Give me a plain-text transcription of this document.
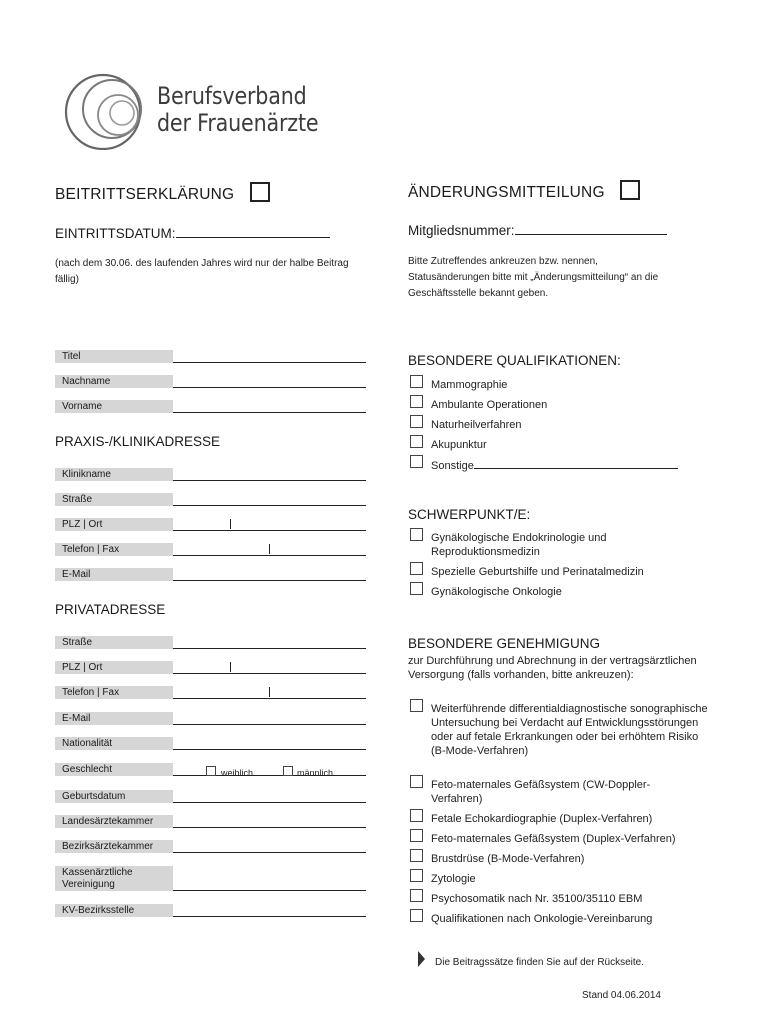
Berufsverband
der Frauenärzte
BEITRITTSERKLÄRUNG
EINTRITTSDATUM:
(nach dem 30.06. des laufenden Jahres wird nur der halbe Beitrag fällig)
ÄNDERUNGSMITTEILUNG
Mitgliedsnummer:
Bitte Zutreffendes ankreuzen bzw. nennen, Statusänderungen bitte mit „Änderungsmitteilung“ an die Geschäftsstelle bekannt geben.
Titel
Nachname
Vorname
PRAXIS-/KLINIKADRESSE
Klinikname
Straße
PLZ | Ort
Telefon | Fax
E-Mail
PRIVATADRESSE
Straße
PLZ | Ort
Telefon | Fax
E-Mail
Nationalität
Geschlecht	weiblich	männlich
Geburtsdatum
Landesärztekammer
Bezirksärztekammer
Kassenärztliche Vereinigung
KV-Bezirksstelle
BESONDERE QUALIFIKATIONEN:
Mammographie
Ambulante Operationen
Naturheilverfahren
Akupunktur
Sonstige
SCHWERPUNKT/E:
Gynäkologische Endokrinologie und Reproduktionsmedizin
Spezielle Geburtshilfe und Perinatalmedizin
Gynäkologische Onkologie
BESONDERE GENEHMIGUNG
zur Durchführung und Abrechnung in der vertragsärztlichen Versorgung (falls vorhanden, bitte ankreuzen):
Weiterführende differentialdiagnostische sonographische Untersuchung bei Verdacht auf Entwicklungsstörungen oder auf fetale Erkrankungen oder bei erhöhtem Risiko (B-Mode-Verfahren)
Feto-maternales Gefäßsystem (CW-Doppler-Verfahren)
Fetale Echokardiographie (Duplex-Verfahren)
Feto-maternales Gefäßsystem (Duplex-Verfahren)
Brustdrüse (B-Mode-Verfahren)
Zytologie
Psychosomatik nach Nr. 35100/35110 EBM
Qualifikationen nach Onkologie-Vereinbarung
Die Beitragssätze finden Sie auf der Rückseite.
Stand 04.06.2014
